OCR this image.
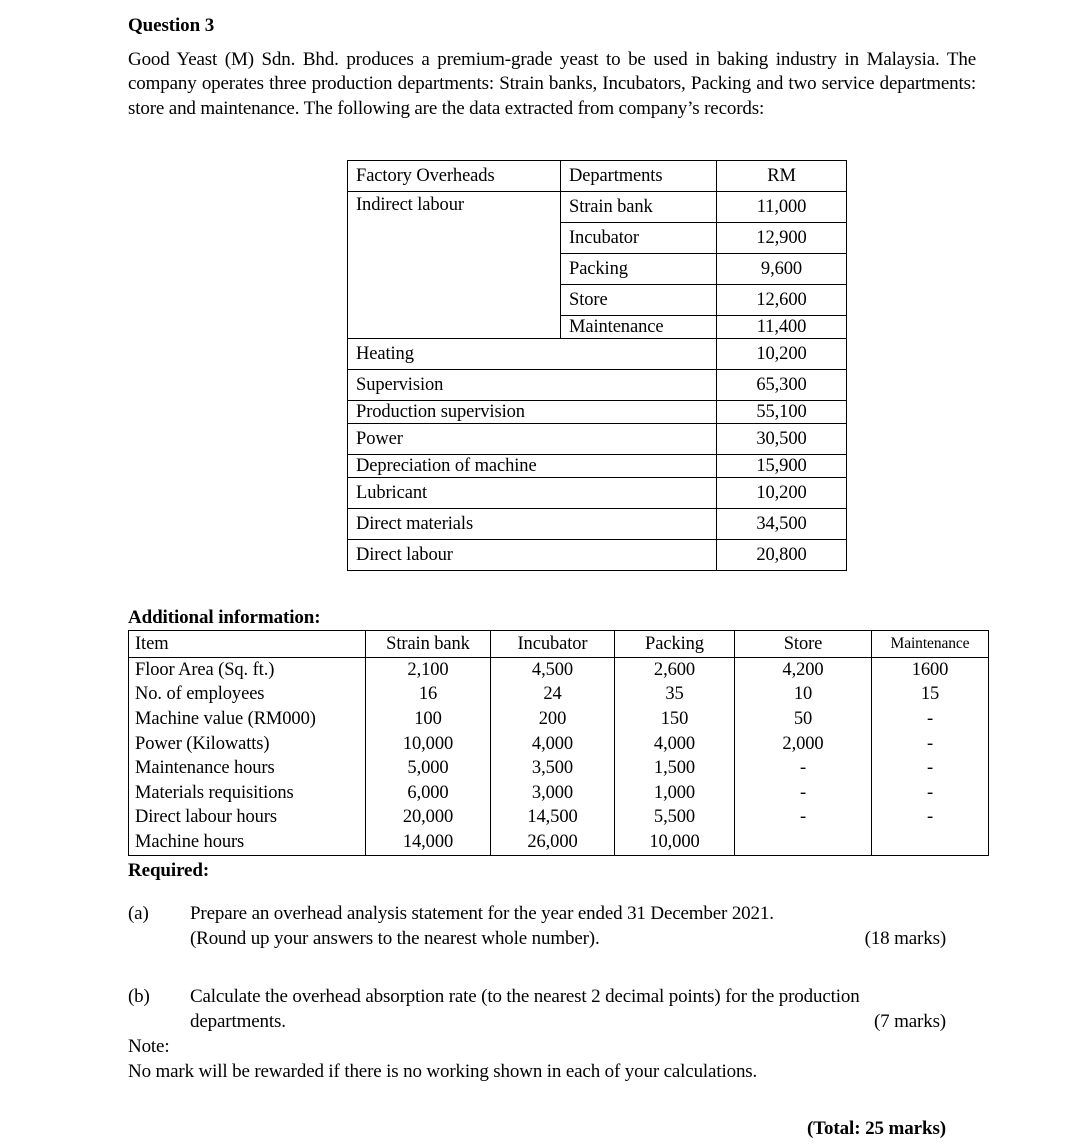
Question 3
Good Yeast (M) Sdn. Bhd. produces a premium-grade yeast to be used in baking industry in Malaysia. The company operates three production departments: Strain banks, Incubators, Packing and two service departments: store and maintenance. The following are the data extracted from company’s records:
Factory Overheads	Departments	RM
Indirect labour	Strain bank	11,000
	Incubator	12,900
	Packing	9,600
	Store	12,600
	Maintenance	11,400
Heating		10,200
Supervision		65,300
Production supervision		55,100
Power		30,500
Depreciation of machine		15,900
Lubricant		10,200
Direct materials		34,500
Direct labour		20,800
Additional information:
Item	Strain bank	Incubator	Packing	Store	Maintenance
Floor Area (Sq. ft.)	2,100	4,500	2,600	4,200	1600
No. of employees	16	24	35	10	15
Machine value (RM000)	100	200	150	50	-
Power (Kilowatts)	10,000	4,000	4,000	2,000	-
Maintenance hours	5,000	3,500	1,500	-	-
Materials requisitions	6,000	3,000	1,000	-	-
Direct labour hours	20,000	14,500	5,500	-	-
Machine hours	14,000	26,000	10,000		
Required:
(a)	Prepare an overhead analysis statement for the year ended 31 December 2021.
(Round up your answers to the nearest whole number).	(18 marks)
(b)	Calculate the overhead absorption rate (to the nearest 2 decimal points) for the production
departments.	(7 marks)
Note:
No mark will be rewarded if there is no working shown in each of your calculations.
(Total: 25 marks)
